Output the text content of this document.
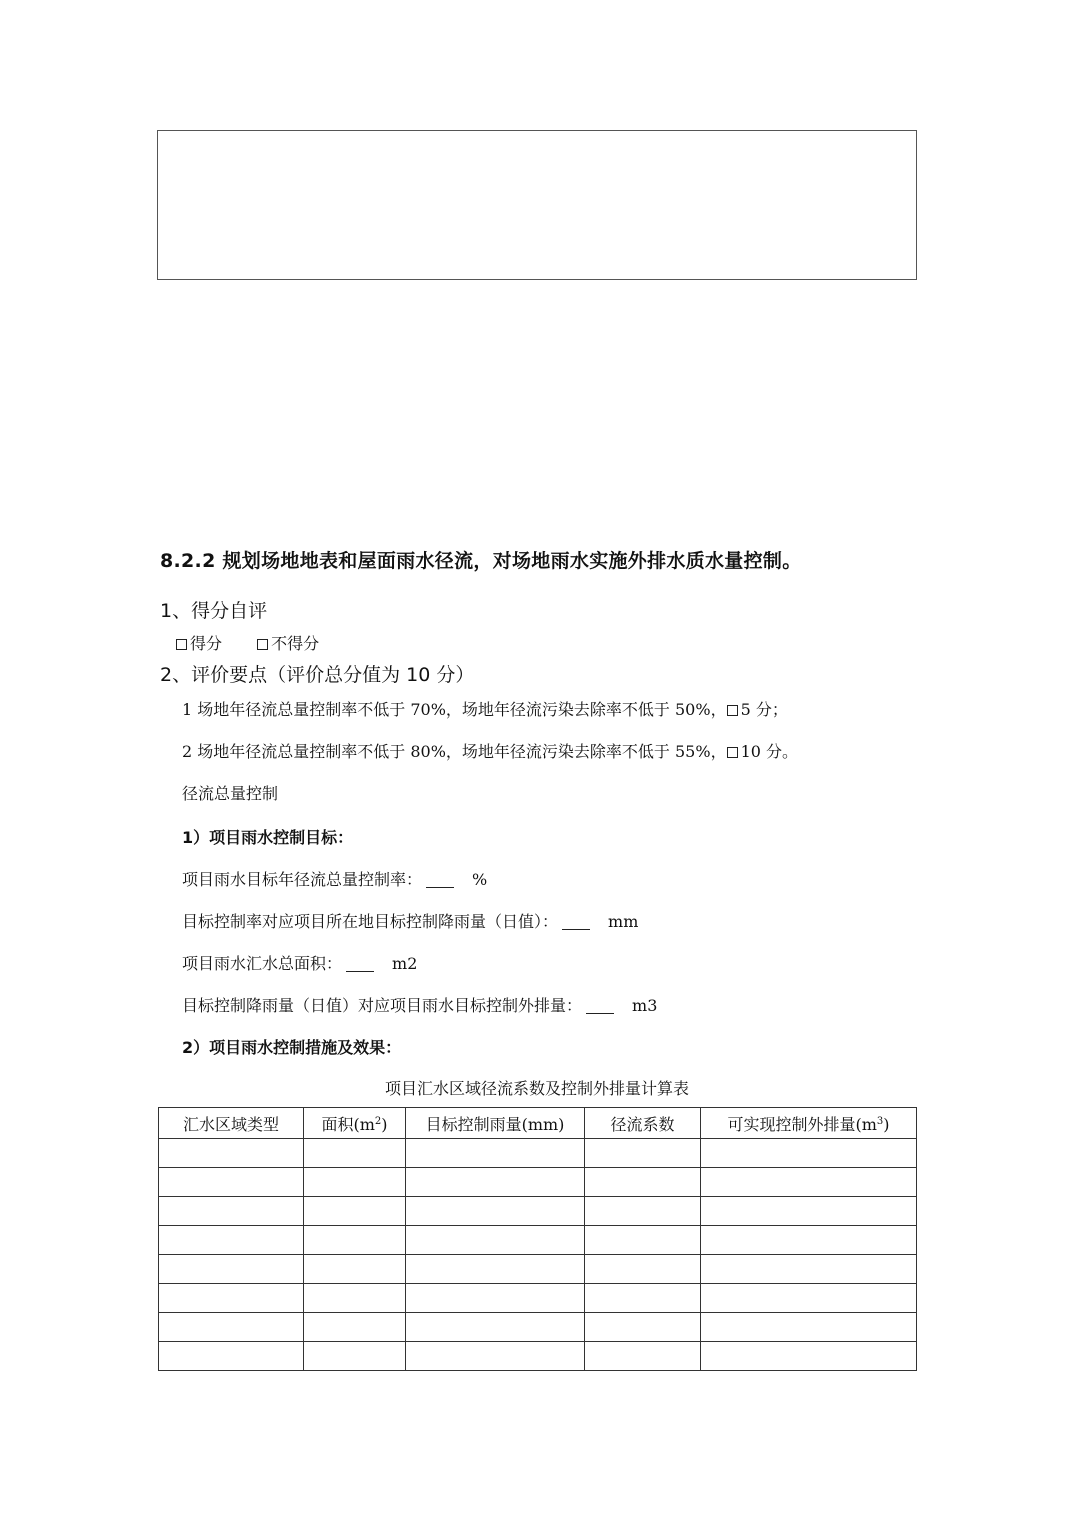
8.2.2 规划场地地表和屋面雨水径流，对场地雨水实施外排水质水量控制。
1、得分自评
得分	不得分
2、评价要点（评价总分值为 10 分）
1 场地年径流总量控制率不低于 70%，场地年径流污染去除率不低于 50%， 5 分；
2 场地年径流总量控制率不低于 80%，场地年径流污染去除率不低于 55%， 10 分。
径流总量控制
1）项目雨水控制目标：
项目雨水目标年径流总量控制率：	%
目标控制率对应项目所在地目标控制降雨量（日值）：	mm
项目雨水汇水总面积：	m2
目标控制降雨量（日值）对应项目雨水目标控制外排量：	m3
2）项目雨水控制措施及效果：
项目汇水区域径流系数及控制外排量计算表
汇水区域类型	面积$(m^2)$	目标控制雨量(mm)	径流系数	可实现控制外排量$(m^3)$
